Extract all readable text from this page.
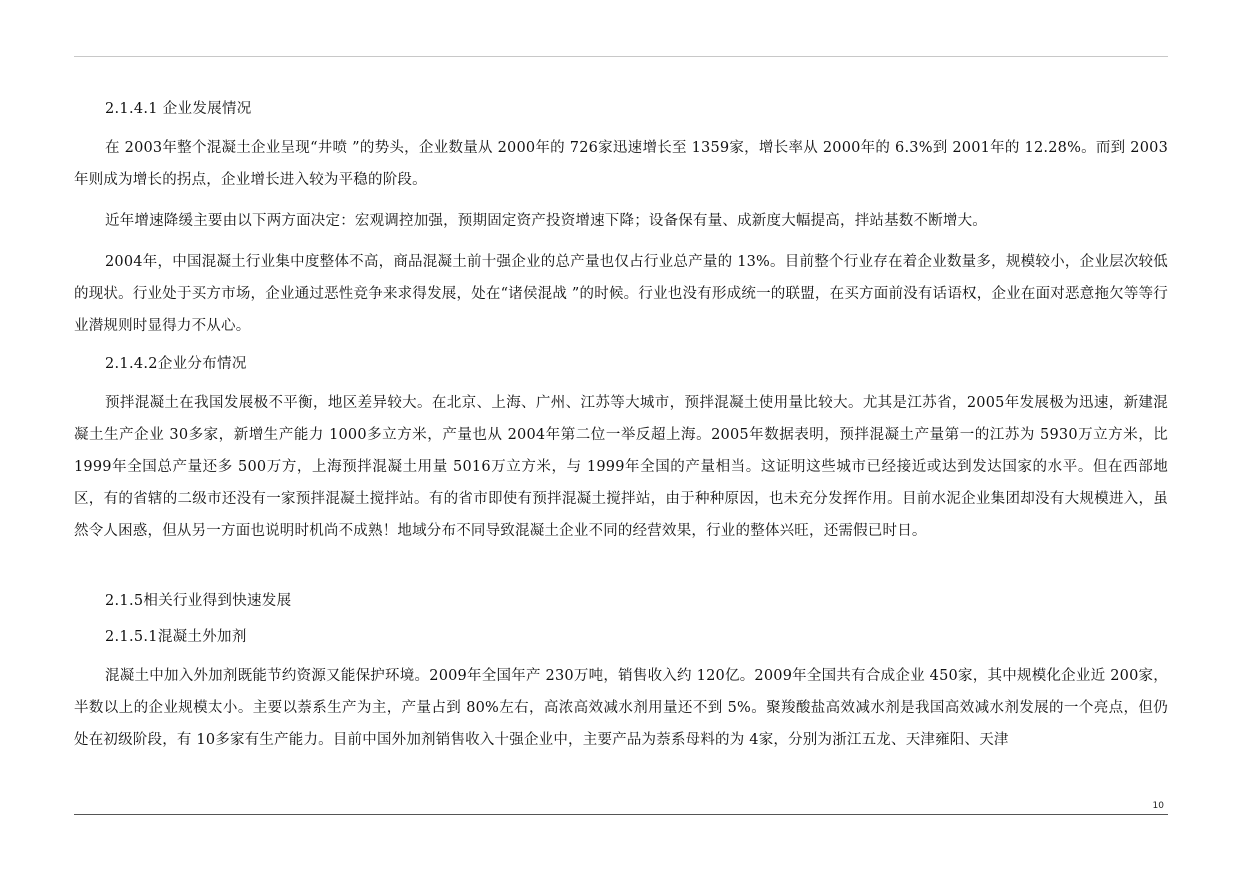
2.1.4.1 企业发展情况

在 2003年整个混凝土企业呈现“井喷 ”的势头，企业数量从 2000年的 726家迅速增长至 1359家，增长率从 2000年的 6.3%到 2001年的 12.28%。而到 2003年则成为增长的拐点，企业增长进入较为平稳的阶段。

近年增速降缓主要由以下两方面决定：宏观调控加强，预期固定资产投资增速下降；设备保有量、成新度大幅提高，拌站基数不断增大。

2004年，中国混凝土行业集中度整体不高，商品混凝土前十强企业的总产量也仅占行业总产量的 13%。目前整个行业存在着企业数量多，规模较小，企业层次较低的现状。行业处于买方市场，企业通过恶性竞争来求得发展，处在“诸侯混战 ”的时候。行业也没有形成统一的联盟，在买方面前没有话语权，企业在面对恶意拖欠等等行业潜规则时显得力不从心。

2.1.4.2企业分布情况

预拌混凝土在我国发展极不平衡，地区差异较大。在北京、上海、广州、江苏等大城市，预拌混凝土使用量比较大。尤其是江苏省，2005年发展极为迅速，新建混凝土生产企业 30多家，新增生产能力 1000多立方米，产量也从 2004年第二位一举反超上海。2005年数据表明，预拌混凝土产量第一的江苏为 5930万立方米，比 1999年全国总产量还多 500万方，上海预拌混凝土用量 5016万立方米，与 1999年全国的产量相当。这证明这些城市已经接近或达到发达国家的水平。但在西部地区，有的省辖的二级市还没有一家预拌混凝土搅拌站。有的省市即使有预拌混凝土搅拌站，由于种种原因，也未充分发挥作用。目前水泥企业集团却没有大规模进入，虽然令人困惑，但从另一方面也说明时机尚不成熟！地域分布不同导致混凝土企业不同的经营效果，行业的整体兴旺，还需假已时日。

2.1.5相关行业得到快速发展
2.1.5.1混凝土外加剂

混凝土中加入外加剂既能节约资源又能保护环境。2009年全国年产 230万吨，销售收入约 120亿。2009年全国共有合成企业 450家，其中规模化企业近 200家，半数以上的企业规模太小。主要以萘系生产为主，产量占到 80%左右，高浓高效减水剂用量还不到 5%。聚羧酸盐高效减水剂是我国高效减水剂发展的一个亮点，但仍处在初级阶段，有 10多家有生产能力。目前中国外加剂销售收入十强企业中，主要产品为萘系母料的为 4家，分别为浙江五龙、天津雍阳、天津

10
